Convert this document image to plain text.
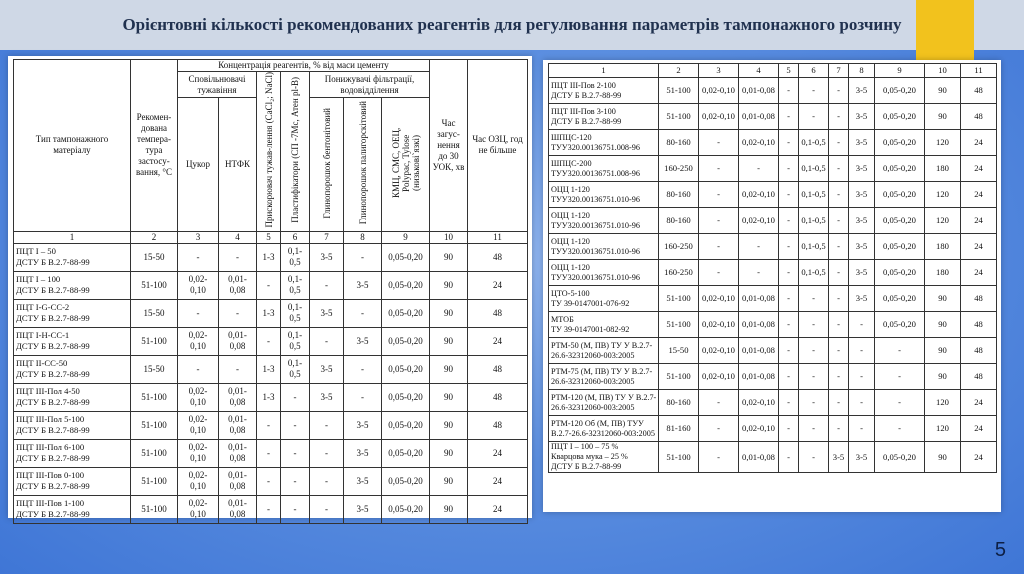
Орієнтовні кількості рекомендованих реагентів для регулювання параметрів тампонажного розчину
Тип тампонажного матеріалу	Рекомен-дована темпера-тура застосу-вання, °С	Концентрація реагентів, % від маси цементу							Час загус-нення до 30 УОК, хв	Час ОЗЦ, год не більше
		Сповільнювачі тужавіння		Прискорювач тужав-лення (CaCl₂; NaCl)	Пластифікатори (СП -7Мс, Атен pl-B)	Понижувачі фільтрації, водовідділення				
		Цукор	НТФК			Глинопорошок бентонітовий	Глинопорошок палигорскітовий	КМЦ, СМС, ОЕЦ, Polypac, Tylose (низькові`язкі)		
1	2	3	4	5	6	7	8	9	10	11
ПЦТ І – 50
ДСТУ Б В.2.7-88-99	15-50	-	-	1-3	0,1-0,5	3-5	-	0,05-0,20	90	48
ПЦТ І – 100
ДСТУ Б В.2.7-88-99	51-100	0,02-
0,10	0,01-
0,08	-	0,1-0,5	-	3-5	0,05-0,20	90	24
ПЦТ І-G-CC-2
ДСТУ Б В.2.7-88-99	15-50	-	-	1-3	0,1-0,5	3-5	-	0,05-0,20	90	48
ПЦТ І-Н-СС-1
ДСТУ Б В.2.7-88-99	51-100	0,02-
0,10	0,01-
0,08	-	0,1-0,5	-	3-5	0,05-0,20	90	24
ПЦТ ІІ-СС-50
ДСТУ Б В.2.7-88-99	15-50	-	-	1-3	0,1-0,5	3-5	-	0,05-0,20	90	48
ПЦТ ІІІ-Пол 4-50
ДСТУ Б В.2.7-88-99	51-100	0,02-
0,10	0,01-
0,08	1-3	-	3-5	-	0,05-0,20	90	48
ПЦТ ІІІ-Пол 5-100
ДСТУ Б В.2.7-88-99	51-100	0,02-
0,10	0,01-
0,08	-	-	-	3-5	0,05-0,20	90	48
ПЦТ ІІІ-Пол 6-100
ДСТУ Б В.2.7-88-99	51-100	0,02-
0,10	0,01-
0,08	-	-	-	3-5	0,05-0,20	90	24
ПЦТ ІІІ-Пов 0-100
ДСТУ Б В.2.7-88-99	51-100	0,02-
0,10	0,01-
0,08	-	-	-	3-5	0,05-0,20	90	24
ПЦТ ІІІ-Пов 1-100
ДСТУ Б В.2.7-88-99	51-100	0,02-
0,10	0,01-
0,08	-	-	-	3-5	0,05-0,20	90	24
1	2	3	4	5	6	7	8	9	10	11
ПЦТ ІІІ-Пов 2-100
ДСТУ Б В.2.7-88-99	51-100	0,02-0,10	0,01-0,08	-	-	-	3-5	0,05-0,20	90	48
ПЦТ ІІІ-Пов 3-100
ДСТУ Б В.2.7-88-99	51-100	0,02-0,10	0,01-0,08	-	-	-	3-5	0,05-0,20	90	48
ШПЦС-120
ТУУ320.00136751.008-96	80-160	-	0,02-0,10	-	0,1-0,5	-	3-5	0,05-0,20	120	24
ШПЦС-200
ТУУ320.00136751.008-96	160-250	-	-	-	0,1-0,5	-	3-5	0,05-0,20	180	24
ОЦЦ 1-120
ТУУ320.00136751.010-96	80-160	-	0,02-0,10	-	0,1-0,5	-	3-5	0,05-0,20	120	24
ОЦЦ 1-120
ТУУ320.00136751.010-96	80-160	-	0,02-0,10	-	0,1-0,5	-	3-5	0,05-0,20	120	24
ОЦЦ 1-120
ТУУ320.00136751.010-96	160-250	-	-	-	0,1-0,5	-	3-5	0,05-0,20	180	24
ОЦЦ 1-120
ТУУ320.00136751.010-96	160-250	-	-	-	0,1-0,5	-	3-5	0,05-0,20	180	24
ЦТО-5-100
ТУ 39-0147001-076-92	51-100	0,02-0,10	0,01-0,08	-	-	-	3-5	0,05-0,20	90	48
МТОБ
ТУ 39-0147001-082-92	51-100	0,02-0,10	0,01-0,08	-	-	-	-	0,05-0,20	90	48
РТМ-50 (М, ПВ) ТУ У В.2.7-
26.6-32312060-003:2005	15-50	0,02-0,10	0,01-0,08	-	-	-	-	-	90	48
РТМ-75 (М, ПВ) ТУ У В.2.7-
26.6-32312060-003:2005	51-100	0,02-0,10	0,01-0,08	-	-	-	-	-	90	48
РТМ-120 (М, ПВ) ТУ У В.2.7-
26.6-32312060-003:2005	80-160	-	0,02-0,10	-	-	-	-	-	120	24
РТМ-120 Об (М, ПВ) ТУУ
В.2.7-26.6-32312060-003:2005	81-160	-	0,02-0,10	-	-	-	-	-	120	24
ПЦТ І – 100 – 75 %
Кварцова мука – 25 %
ДСТУ Б В.2.7-88-99	51-100	-	0,01-0,08	-	-	3-5	3-5	0,05-0,20	90	24
5
